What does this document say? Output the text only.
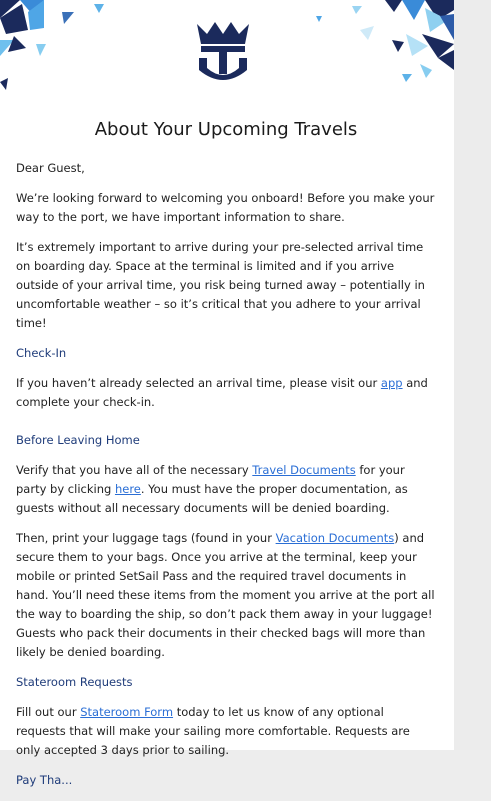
About Your Upcoming Travels

Dear Guest,

We’re looking forward to welcoming you onboard! Before you make your way to the port, we have important information to share.

It’s extremely important to arrive during your pre-selected arrival time on boarding day. Space at the terminal is limited and if you arrive outside of your arrival time, you risk being turned away – potentially in uncomfortable weather – so it’s critical that you adhere to your arrival time!

Check-In

If you haven’t already selected an arrival time, please visit our app and complete your check-in.

Before Leaving Home

Verify that you have all of the necessary Travel Documents for your party by clicking here. You must have the proper documentation, as guests without all necessary documents will be denied boarding.

Then, print your luggage tags (found in your Vacation Documents) and secure them to your bags. Once you arrive at the terminal, keep your mobile or printed SetSail Pass and the required travel documents in hand. You’ll need these items from the moment you arrive at the port all the way to boarding the ship, so don’t pack them away in your luggage! Guests who pack their documents in their checked bags will more than likely be denied boarding.

Stateroom Requests

Fill out our Stateroom Form today to let us know of any optional requests that will make your sailing more comfortable. Requests are only accepted 3 days prior to sailing.

Pay Tha...
